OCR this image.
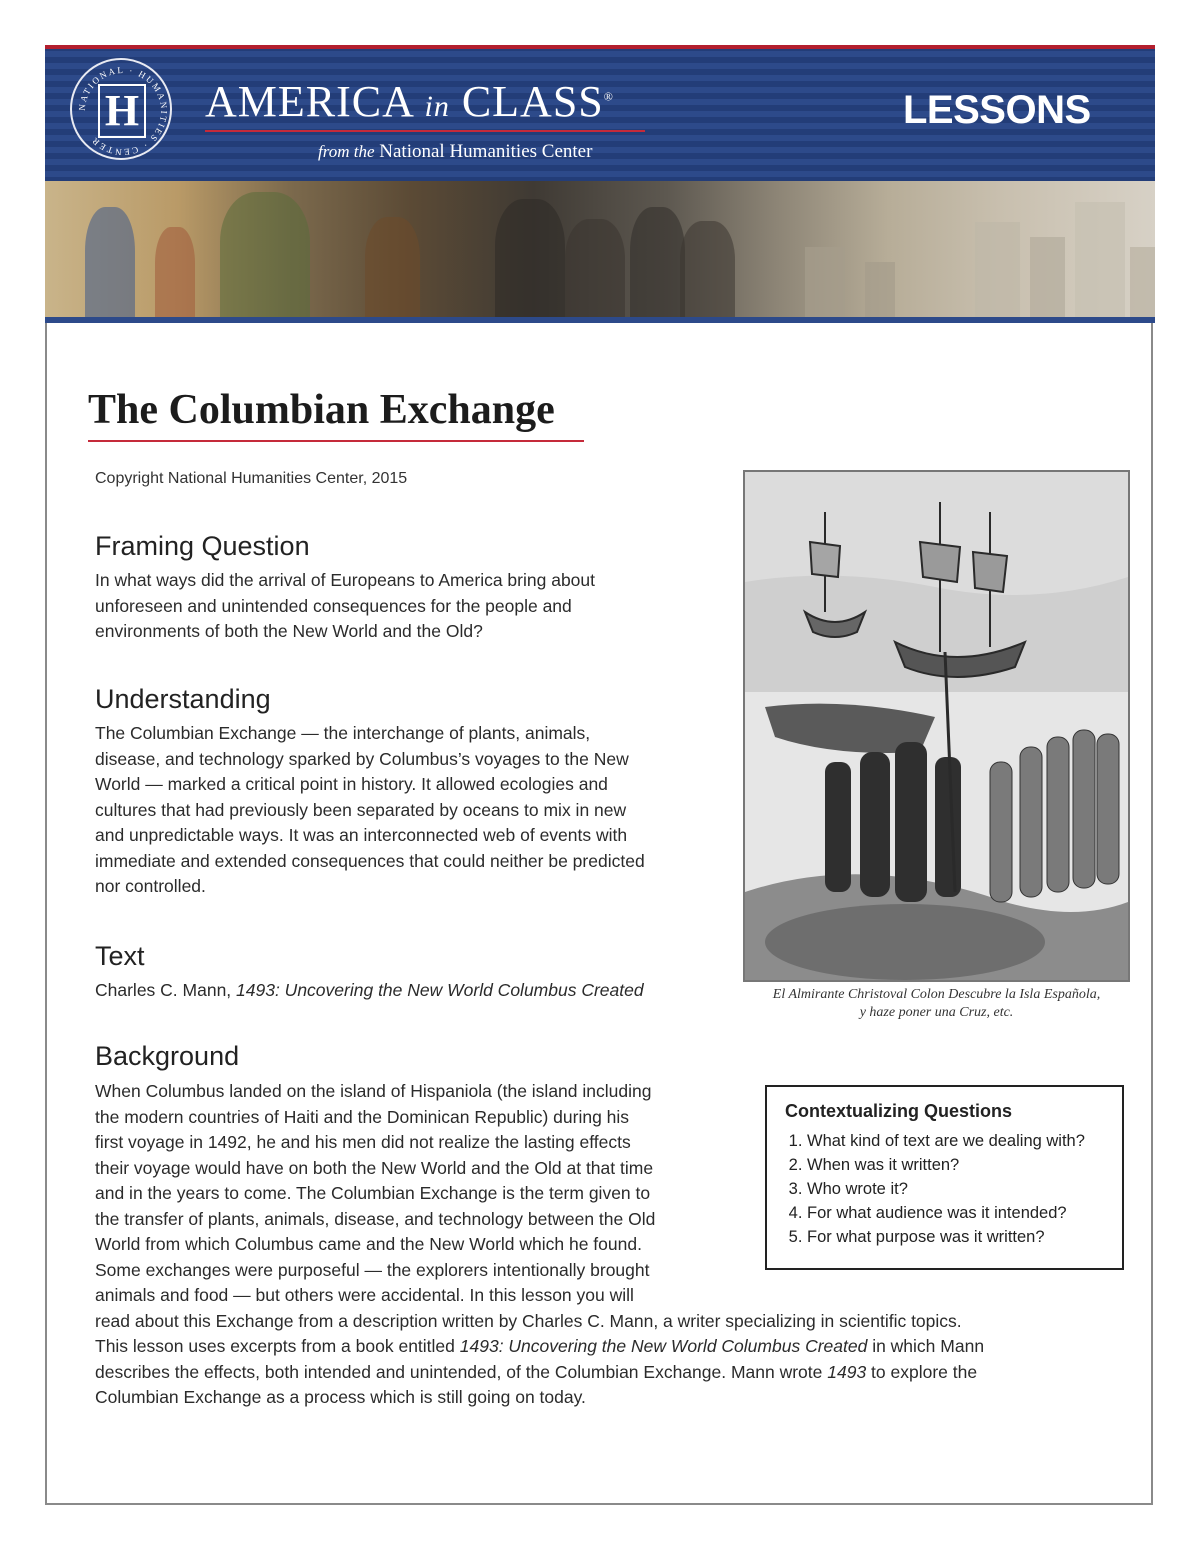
NATIONAL · HUMANITIES · CENTER
H AMERICA in CLASS®
from the National Humanities Center
LESSONS
The Columbian Exchange
Copyright National Humanities Center, 2015
Framing Question
In what ways did the arrival of Europeans to America bring about
unforeseen and unintended consequences for the people and
environments of both the New World and the Old?
Understanding
The Columbian Exchange — the interchange of plants, animals,
disease, and technology sparked by Columbus’s voyages to the New
World — marked a critical point in history. It allowed ecologies and
cultures that had previously been separated by oceans to mix in new
and unpredictable ways. It was an interconnected web of events with
immediate and extended consequences that could neither be predicted
nor controlled.
Text
Charles C. Mann, 1493: Uncovering the New World Columbus Created	El Almirante Christoval Colon Descubre la Isla Española,
y haze poner una Cruz, etc.
Background
When Columbus landed on the island of Hispaniola (the island including
the modern countries of Haiti and the Dominican Republic) during his
first voyage in 1492, he and his men did not realize the lasting effects
their voyage would have on both the New World and the Old at that time
and in the years to come. The Columbian Exchange is the term given to
the transfer of plants, animals, disease, and technology between the Old
World from which Columbus came and the New World which he found.
Some exchanges were purposeful — the explorers intentionally brought
animals and food — but others were accidental. In this lesson you will
read about this Exchange from a description written by Charles C. Mann, a writer specializing in scientific topics.
This lesson uses excerpts from a book entitled 1493: Uncovering the New World Columbus Created in which Mann
describes the effects, both intended and unintended, of the Columbian Exchange. Mann wrote 1493 to explore the
Columbian Exchange as a process which is still going on today.
Contextualizing Questions
1. What kind of text are we dealing with?
2. When was it written?
3. Who wrote it?
4. For what audience was it intended?
5. For what purpose was it written?
